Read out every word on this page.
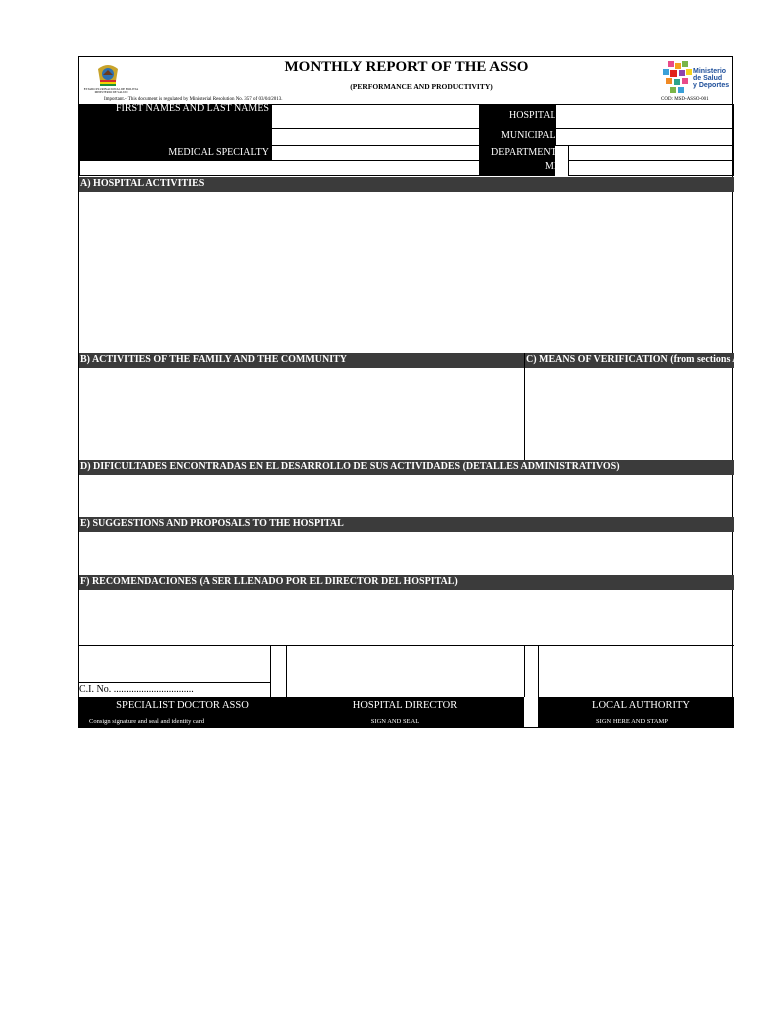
ESTADO PLURINACIONAL DE BOLIVIA MINISTERIO DE SALUD
MONTHLY REPORT OF THE ASSO
(PERFORMANCE AND PRODUCTIVITY)
Important.- This document is regulated by Ministerial Resolution No. 357 of 03/04/2013.	COD: MSD-ASSO-001
Ministerio
de Salud
y Deportes
FIRST NAMES AND LAST NAMES
MEDICAL SPECIALTY
HOSPITAL
MUNICIPALITY
DEPARTMENT
MES
A) HOSPITAL ACTIVITIES
B) ACTIVITIES OF THE FAMILY AND THE COMMUNITY	C) MEANS OF VERIFICATION (from sections A and B)
D) DIFICULTADES ENCONTRADAS EN EL DESARROLLO DE SUS ACTIVIDADES (DETALLES ADMINISTRATIVOS)
E) SUGGESTIONS AND PROPOSALS TO THE HOSPITAL
F) RECOMENDACIONES (A SER LLENADO POR EL DIRECTOR DEL HOSPITAL)
C.I. No. ................................
SPECIALIST DOCTOR ASSO
Consign signature and seal and identity card
HOSPITAL DIRECTOR
SIGN AND SEAL
LOCAL AUTHORITY
SIGN HERE AND STAMP
